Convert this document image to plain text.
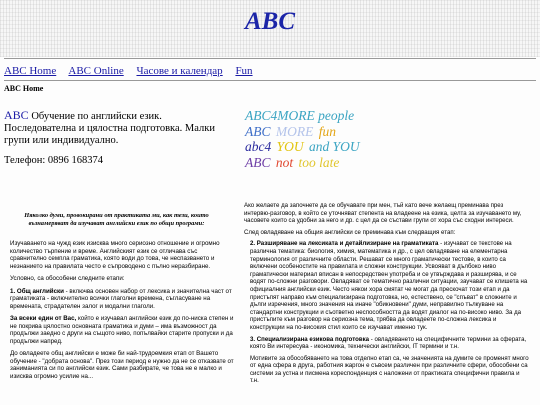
ABC
ABC Home ABC Online Часове и календар Fun
ABC Home
ABC Обучение по английски език. Последователна и цялостна подготовка. Малки групи или индивидуално.
Телефон: 0896 168374
ABC4MORE people
ABC MORE fun
abc4 YOU and YOU
ABC not too late
Няколко думи, провокирани от практиката ми, как тези, които възнамеряват да изучават английски език по общи програми:

Изучаването на чужд език изисква много сериозно отношение и огромно количество търпение и време. Английският език се отличава със сравнително семпла граматика, която води до това, че неспазването и незнанието на правилата често е съпроводено с пълно неразбиране.

Условно, са обособени следните етапи:

1. Общ английски - включва основен набор от лексика и значителна част от граматиката - включително всички глаголни времена, съгласуване на времената, страдателен залог и модални глаголи.

За всеки един от Вас, който е изучавал английски език до по-ниска степен и не покрива цялостно основната граматика и думи – има възможност да продължи заедно с други на същото ниво, попълвайки старите пропуски и да продължи напред.

До овладеете общ английски е може би най-трудоемкия етап от Вашето обучение - "добрата основа". През този период е нужно да не се отказвате от заниманията си по английски език. Сами разбирате, че това не е малко и изисква огромно усилие на...

Ако желаете да започнете да се обучавате при мен, тъй като вече желаещ преминава през интервю-разговор, в който се уточняват степента на владеене на езика, целта за изучаването му, часовете които са удобни за него и др. с цел да се състави групи от хора със сходни интереси.

След овладяване на общия английски се преминава към следващия етап:

2. Разширяване на лексиката и детайлизиране на граматиката - изучават се текстове на различна тематика: биология, химия, математика и др., с цел овладяване на елементарна терминология от различните области. Решават се много граматически тестове, в които са включени особеностите на правилата и сложни конструкции. Усвояват в дълбоко ниво граматически материал вписан в непосредствен употреба и се утвърждава и разширява, и се водят по-сложни разговори. Овладяват се тематично различни ситуации, заучават се клишета на официалния английски език. Често някои хора смятат че могат да прескочат този етап и да пристъпят направо към специализирана подготовка, но, естествено, се "спъват" в сложните и дълги изречения, много значения на иначе "обикновени" думи, неправилно тълкуване на стандартни конструкции и съответно неспособността да водят диалог на по-високо ниво. За да пристъпите към разговор на сериозна тема, трябва да овладеете по-сложна лексика и конструкции на по-високия стил които се изучават именно тук.

3. Специализирана езикова подготовка - овладяването на специфичните термини за сферата, която Ви интересува - икономика, технически английски, IT термини и т.н.

Мотивите за обособяването на това отделно етап са, че значенията на думите се променят много от една сфера в друга, работния жаргон е съвсем различен при различните сфери, обособени са системи за устна и писмена кореспонденция с наложени от практиката специфични правила и т.н.
